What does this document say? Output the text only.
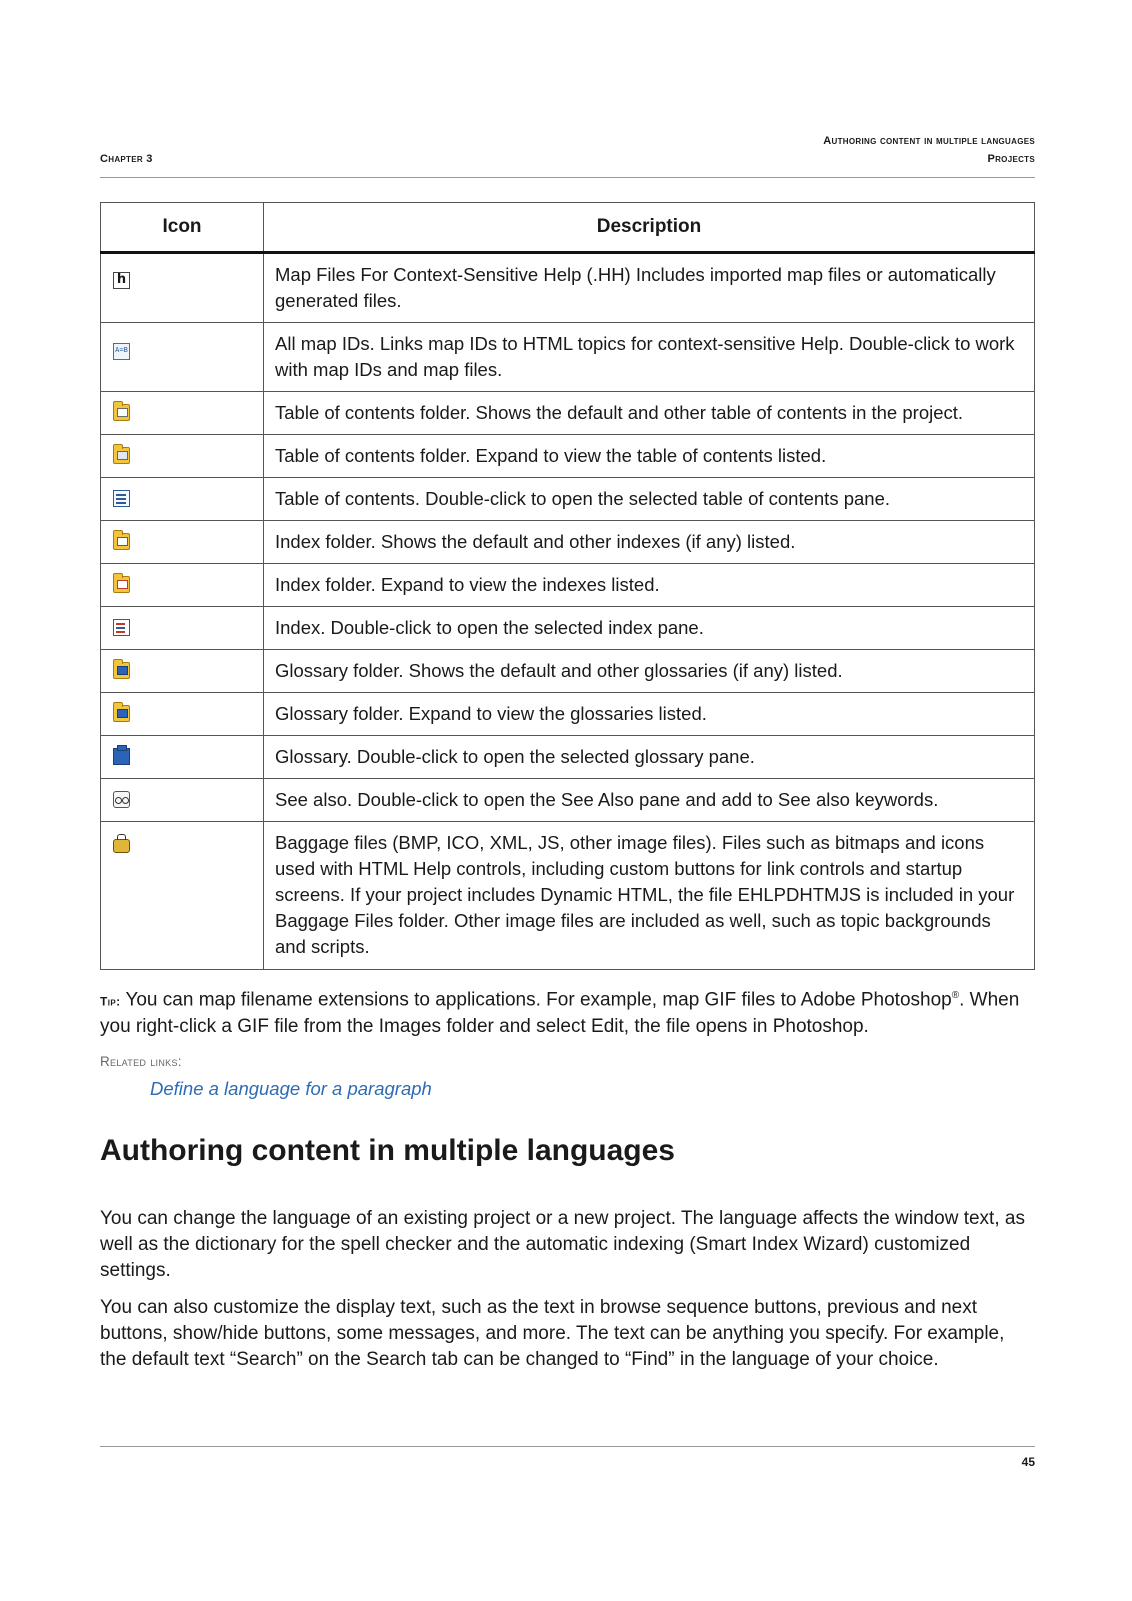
Authoring content in multiple languages
Projects
Chapter 3
Icon	Description
h	Map Files For Context-Sensitive Help (.HH) Includes imported map files or automatically generated files.
A=B	All map IDs. Links map IDs to HTML topics for context-sensitive Help. Double-click to work with map IDs and map files.

	Table of contents folder. Shows the default and other table of contents in the project.

	Table of contents folder. Expand to view the table of contents listed.
	Table of contents. Double-click to open the selected table of contents pane.

	Index folder. Shows the default and other indexes (if any) listed.

	Index folder. Expand to view the indexes listed.
	Index. Double-click to open the selected index pane.

	Glossary folder. Shows the default and other glossaries (if any) listed.

	Glossary folder. Expand to view the glossaries listed.
	Glossary. Double-click to open the selected glossary pane.
	See also. Double-click to open the See Also pane and add to See also keywords.
	Baggage files (BMP, ICO, XML, JS, other image files). Files such as bitmaps and icons used with HTML Help controls, including custom buttons for link controls and startup screens. If your project includes Dynamic HTML, the file EHLPDHTMJS is included in your Baggage Files folder. Other image files are included as well, such as topic backgrounds and scripts.
Tip: You can map filename extensions to applications. For example, map GIF files to Adobe Photoshop®. When you right-click a GIF file from the Images folder and select Edit, the file opens in Photoshop.
Related links:
Define a language for a paragraph
Authoring content in multiple languages

You can change the language of an existing project or a new project. The language affects the window text, as well as the dictionary for the spell checker and the automatic indexing (Smart Index Wizard) customized settings.

You can also customize the display text, such as the text in browse sequence buttons, previous and next buttons, show/hide buttons, some messages, and more. The text can be anything you specify. For example, the default text “Search” on the Search tab can be changed to “Find” in the language of your choice.

45
